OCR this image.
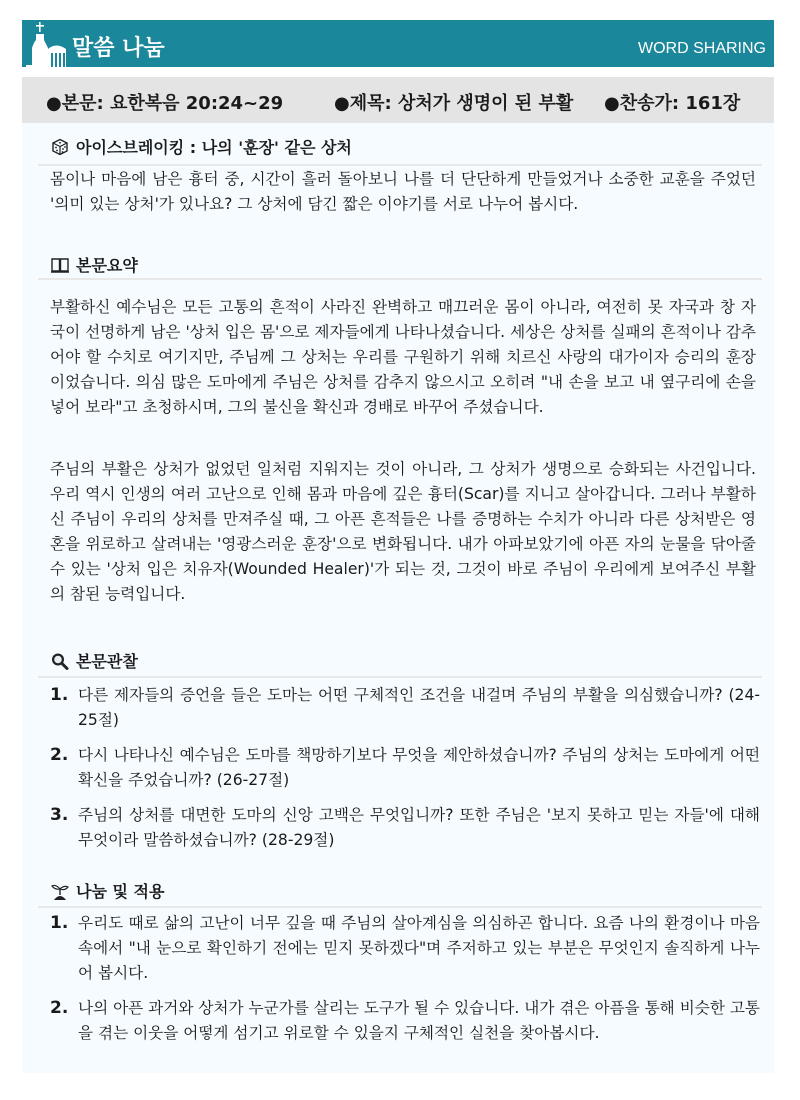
말씀 나눔	WORD SHARING
●본문: 요한복음 20:24~29	●제목: 상처가 생명이 된 부활 ●찬송가: 161장
아이스브레이킹 : 나의 '훈장' 같은 상처
몸이나 마음에 남은 흉터 중, 시간이 흘러 돌아보니 나를 더 단단하게 만들었거나 소중한 교훈을 주었던 '의미 있는 상처'가 있나요? 그 상처에 담긴 짧은 이야기를 서로 나누어 봅시다.
본문요약
부활하신 예수님은 모든 고통의 흔적이 사라진 완벽하고 매끄러운 몸이 아니라, 여전히 못 자국과 창 자국이 선명하게 남은 '상처 입은 몸'으로 제자들에게 나타나셨습니다. 세상은 상처를 실패의 흔적이나 감추어야 할 수치로 여기지만, 주님께 그 상처는 우리를 구원하기 위해 치르신 사랑의 대가이자 승리의 훈장이었습니다. 의심 많은 도마에게 주님은 상처를 감추지 않으시고 오히려 "내 손을 보고 내 옆구리에 손을 넣어 보라"고 초청하시며, 그의 불신을 확신과 경배로 바꾸어 주셨습니다.
주님의 부활은 상처가 없었던 일처럼 지워지는 것이 아니라, 그 상처가 생명으로 승화되는 사건입니다. 우리 역시 인생의 여러 고난으로 인해 몸과 마음에 깊은 흉터(Scar)를 지니고 살아갑니다. 그러나 부활하신 주님이 우리의 상처를 만져주실 때, 그 아픈 흔적들은 나를 증명하는 수치가 아니라 다른 상처받은 영혼을 위로하고 살려내는 '영광스러운 훈장'으로 변화됩니다. 내가 아파보았기에 아픈 자의 눈물을 닦아줄 수 있는 '상처 입은 치유자(Wounded Healer)'가 되는 것, 그것이 바로 주님이 우리에게 보여주신 부활의 참된 능력입니다.
본문관찰
1. 다른 제자들의 증언을 들은 도마는 어떤 구체적인 조건을 내걸며 주님의 부활을 의심했습니까? (24-25절)
2. 다시 나타나신 예수님은 도마를 책망하기보다 무엇을 제안하셨습니까? 주님의 상처는 도마에게 어떤 확신을 주었습니까? (26-27절)
3. 주님의 상처를 대면한 도마의 신앙 고백은 무엇입니까? 또한 주님은 '보지 못하고 믿는 자들'에 대해 무엇이라 말씀하셨습니까? (28-29절)
나눔 및 적용
1. 우리도 때로 삶의 고난이 너무 깊을 때 주님의 살아계심을 의심하곤 합니다. 요즘 나의 환경이나 마음속에서 "내 눈으로 확인하기 전에는 믿지 못하겠다"며 주저하고 있는 부분은 무엇인지 솔직하게 나누어 봅시다.
2. 나의 아픈 과거와 상처가 누군가를 살리는 도구가 될 수 있습니다. 내가 겪은 아픔을 통해 비슷한 고통을 겪는 이웃을 어떻게 섬기고 위로할 수 있을지 구체적인 실천을 찾아봅시다.
